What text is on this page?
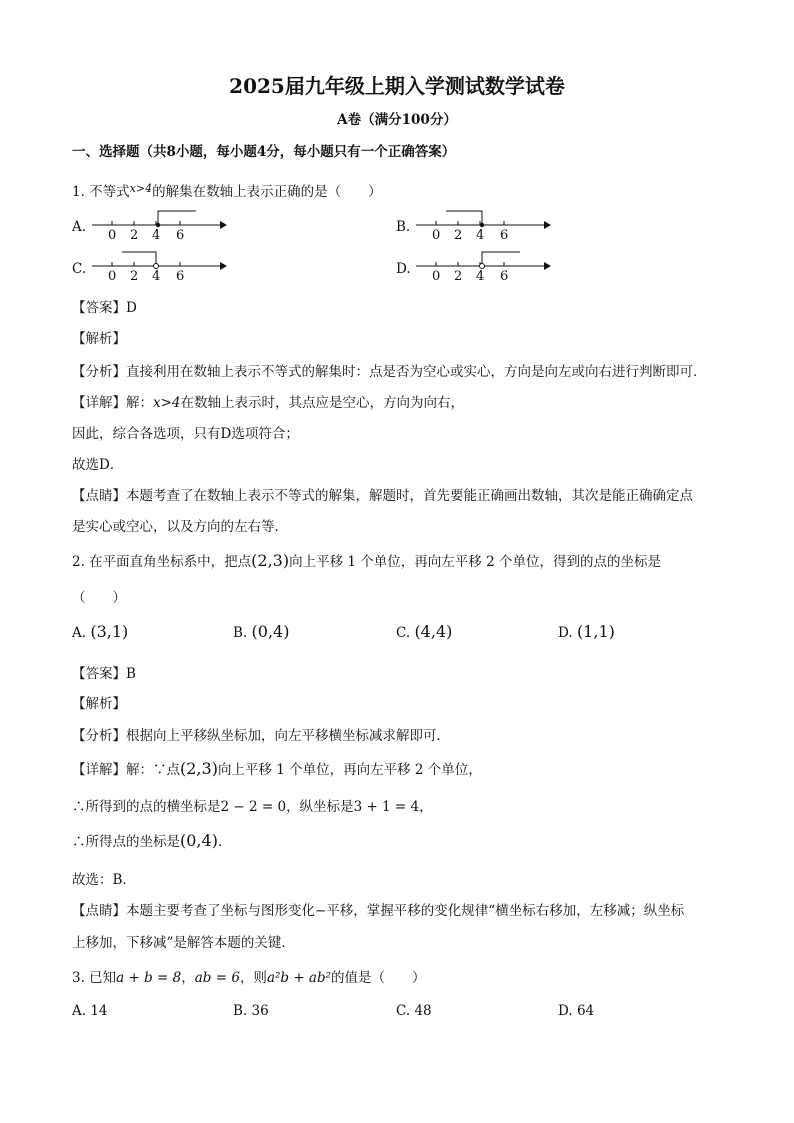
2025届九年级上期入学测试数学试卷
A卷（满分100分）
一、选择题（共8小题，每小题4分，每小题只有一个正确答案）
1. 不等式$^{x>4}$的解集在数轴上表示正确的是（　　）
A.
0 2 4 6
B.
0 2 4 6
C. 0 2 4 6	D. 0 2 4 6
【答案】D
【解析】
【分析】直接利用在数轴上表示不等式的解集时：点是否为空心或实心，方向是向左或向右进行判断即可．
【详解】解：x>4在数轴上表示时，其点应是空心，方向为向右，
因此，综合各选项，只有D选项符合；
故选D．
【点睛】本题考查了在数轴上表示不等式的解集，解题时，首先要能正确画出数轴，其次是能正确确定点
是实心或空心，以及方向的左右等．
2. 在平面直角坐标系中，把点(2,3)向上平移 1 个单位，再向左平移 2 个单位，得到的点的坐标是
（　　）
A. (3,1)	B. (0,4)	C. (4,4)	D. (1,1)
【答案】B
【解析】
【分析】根据向上平移纵坐标加，向左平移横坐标减求解即可．
【详解】解：∵点(2,3)向上平移 1 个单位，再向左平移 2 个单位，
∴所得到的点的横坐标是2 − 2 = 0，纵坐标是3 + 1 = 4，
∴所得点的坐标是(0,4)．
故选：B．
【点睛】本题主要考查了坐标与图形变化−平移，掌握平移的变化规律“横坐标右移加，左移减；纵坐标
上移加，下移减”是解答本题的关键．
3. 已知a + b = 8，ab = 6，则a²b + ab²的值是（　　）
A. 14	B. 36	C. 48	D. 64
